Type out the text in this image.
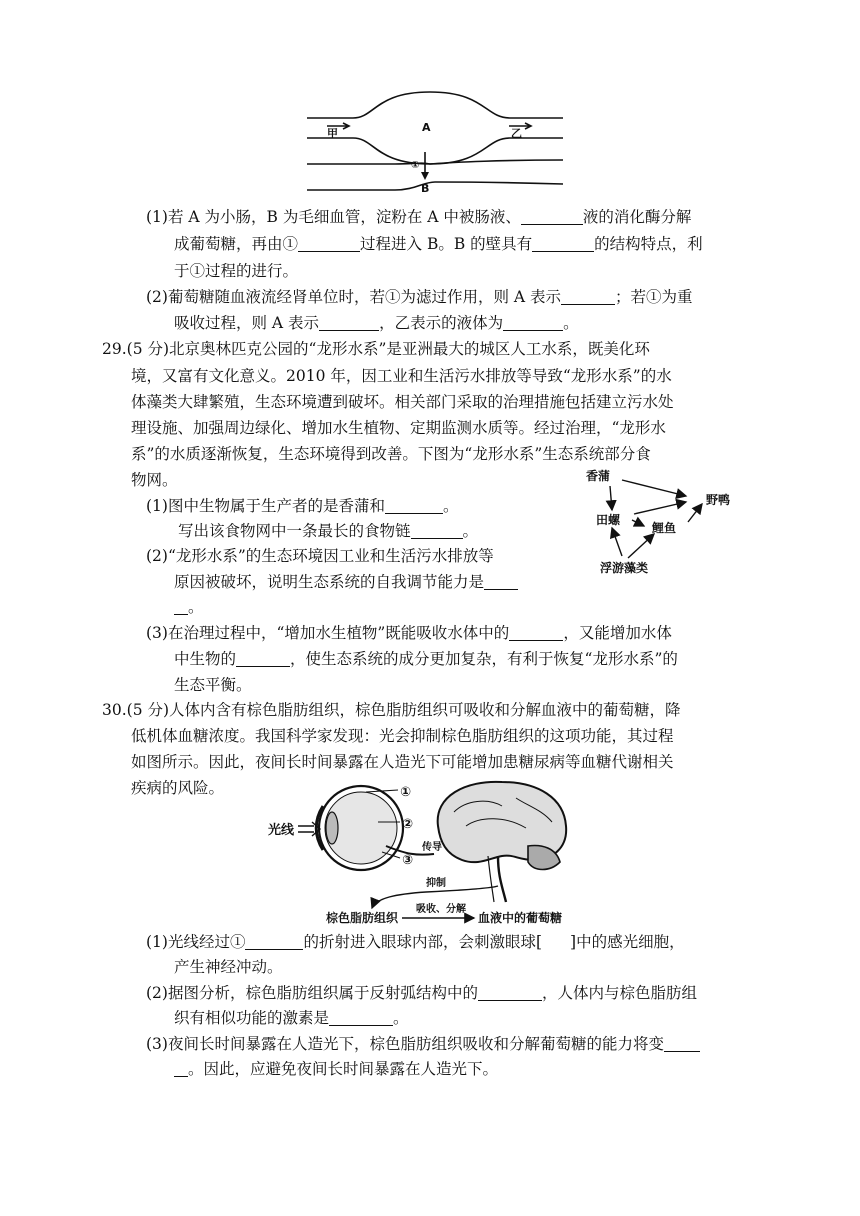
A
B
甲	乙
①
(1)若 A 为小肠，B 为毛细血管，淀粉在 A 中被肠液、	液的消化酶分解
成葡萄糖，再由①	过程进入 B。B 的壁具有	的结构特点，利
于①过程的进行。
(2)葡萄糖随血液流经肾单位时，若①为滤过作用，则 A 表示	；若①为重
吸收过程，则 A 表示	，乙表示的液体为	。
29.(5 分)北京奥林匹克公园的“龙形水系”是亚洲最大的城区人工水系，既美化环
境，又富有文化意义。2010 年，因工业和生活污水排放等导致“龙形水系”的水
体藻类大肆繁殖，生态环境遭到破坏。相关部门采取的治理措施包括建立污水处
理设施、加强周边绿化、增加水生植物、定期监测水质等。经过治理，“龙形水
系”的水质逐渐恢复，生态环境得到改善。下图为“龙形水系”生态系统部分食
物网。
(1)图中生物属于生产者的是香蒲和	。
写出该食物网中一条最长的食物链	。
(2)“龙形水系”的生态环境因工业和生活污水排放等
原因被破坏，说明生态系统的自我调节能力是
。
香蒲
野鸭
田螺
鲤鱼
浮游藻类
(3)在治理过程中，“增加水生植物”既能吸收水体中的	，又能增加水体
中生物的	，使生态系统的成分更加复杂，有利于恢复“龙形水系”的
生态平衡。
30.(5 分)人体内含有棕色脂肪组织，棕色脂肪组织可吸收和分解血液中的葡萄糖，降
低机体血糖浓度。我国科学家发现：光会抑制棕色脂肪组织的这项功能，其过程
如图所示。因此，夜间长时间暴露在人造光下可能增加患糖尿病等血糖代谢相关
疾病的风险。
光线
①
②
③
传导
抑制
棕色脂肪组织
吸收、分解
血液中的葡萄糖
(1)光线经过①	的折射进入眼球内部，会刺激眼球[ ]中的感光细胞，
产生神经冲动。
(2)据图分析，棕色脂肪组织属于反射弧结构中的	，人体内与棕色脂肪组
织有相似功能的激素是	。
(3)夜间长时间暴露在人造光下，棕色脂肪组织吸收和分解葡萄糖的能力将变
。因此，应避免夜间长时间暴露在人造光下。
